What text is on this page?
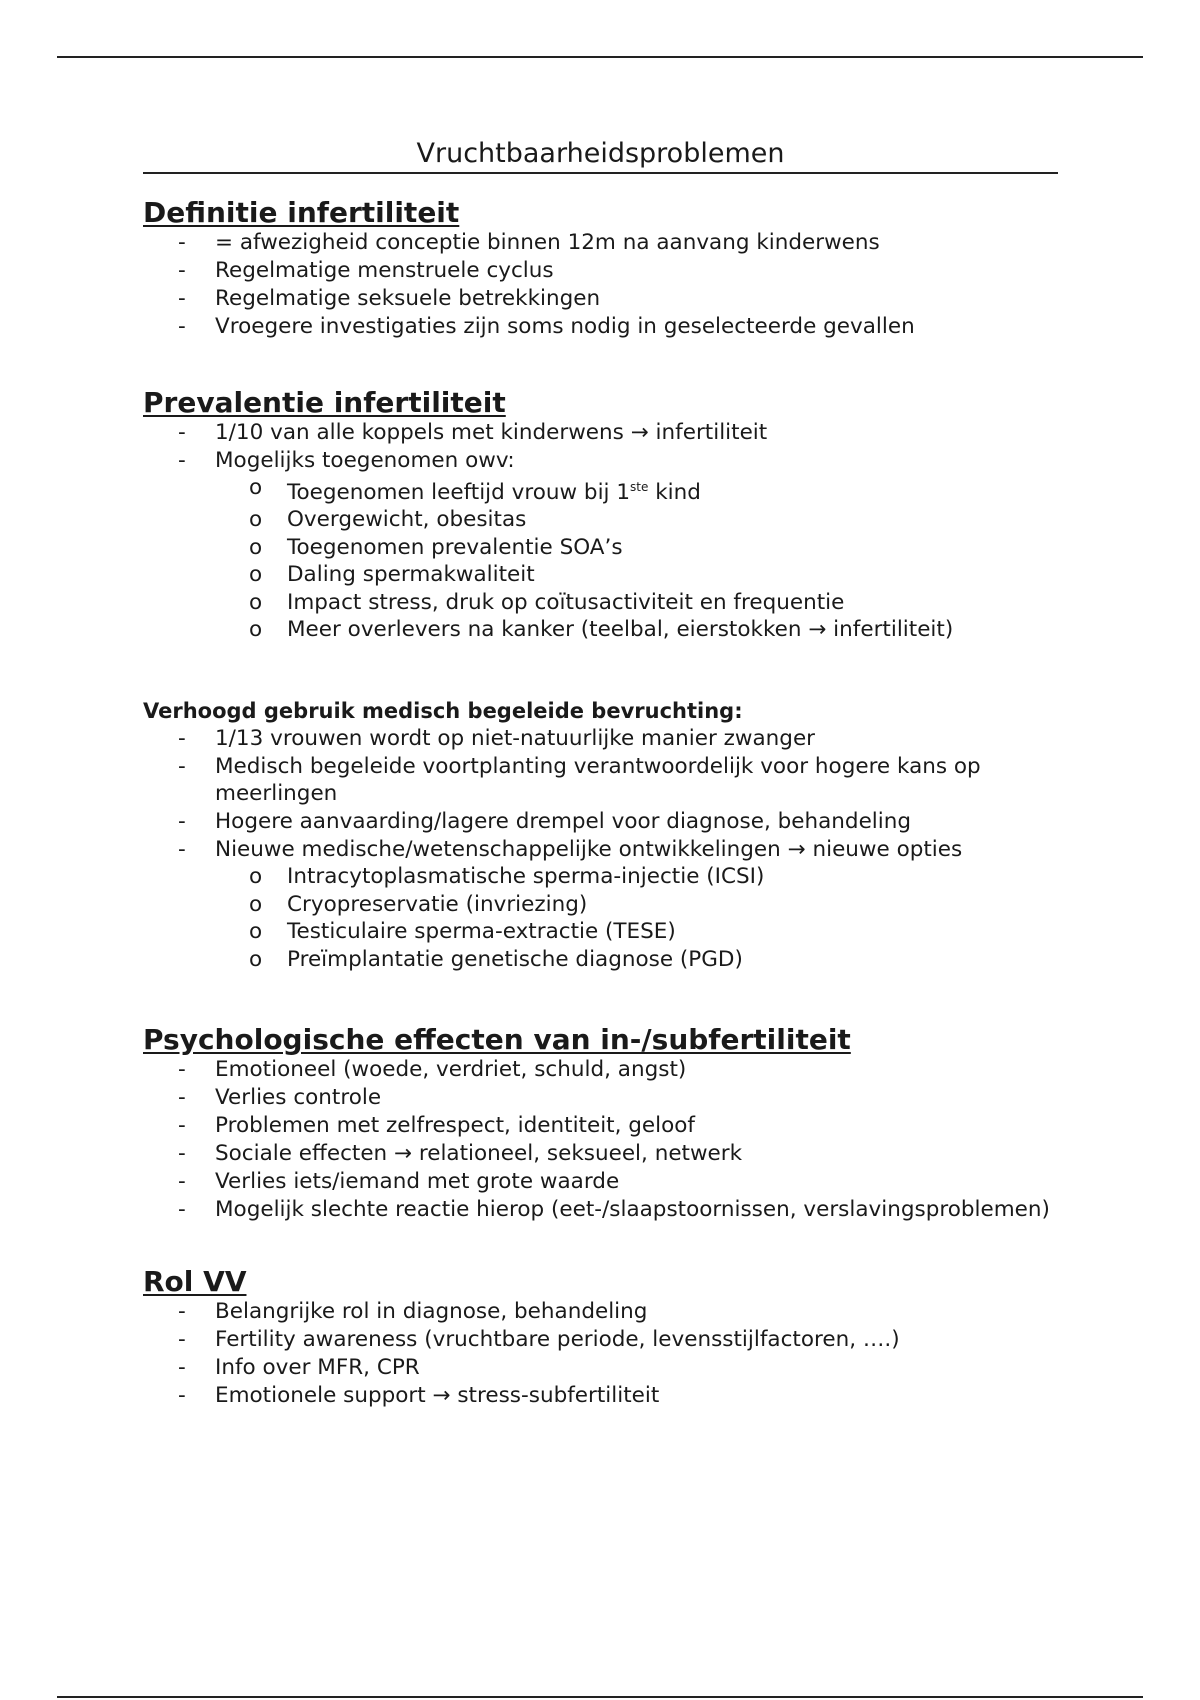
Vruchtbaarheidsproblemen
Definitie infertiliteit
- = afwezigheid conceptie binnen 12m na aanvang kinderwens
- Regelmatige menstruele cyclus
- Regelmatige seksuele betrekkingen
- Vroegere investigaties zijn soms nodig in geselecteerde gevallen
Prevalentie infertiliteit
- 1/10 van alle koppels met kinderwens → infertiliteit
- Mogelijks toegenomen owv:
o Toegenomen leeftijd vrouw bij 1ste kind
o Overgewicht, obesitas
o Toegenomen prevalentie SOA’s
o Daling spermakwaliteit
o Impact stress, druk op coïtusactiviteit en frequentie
o Meer overlevers na kanker (teelbal, eierstokken → infertiliteit)
Verhoogd gebruik medisch begeleide bevruchting:
- 1/13 vrouwen wordt op niet-natuurlijke manier zwanger
- Medisch begeleide voortplanting verantwoordelijk voor hogere kans op meerlingen
- Hogere aanvaarding/lagere drempel voor diagnose, behandeling
- Nieuwe medische/wetenschappelijke ontwikkelingen → nieuwe opties
o Intracytoplasmatische sperma-injectie (ICSI)
o Cryopreservatie (invriezing)
o Testiculaire sperma-extractie (TESE)
o Preïmplantatie genetische diagnose (PGD)
Psychologische effecten van in-/subfertiliteit
- Emotioneel (woede, verdriet, schuld, angst)
- Verlies controle
- Problemen met zelfrespect, identiteit, geloof
- Sociale effecten → relationeel, seksueel, netwerk
- Verlies iets/iemand met grote waarde
- Mogelijk slechte reactie hierop (eet-/slaapstoornissen, verslavingsproblemen)
Rol VV
- Belangrijke rol in diagnose, behandeling
- Fertility awareness (vruchtbare periode, levensstijlfactoren, ….)
- Info over MFR, CPR
- Emotionele support → stress-subfertiliteit
